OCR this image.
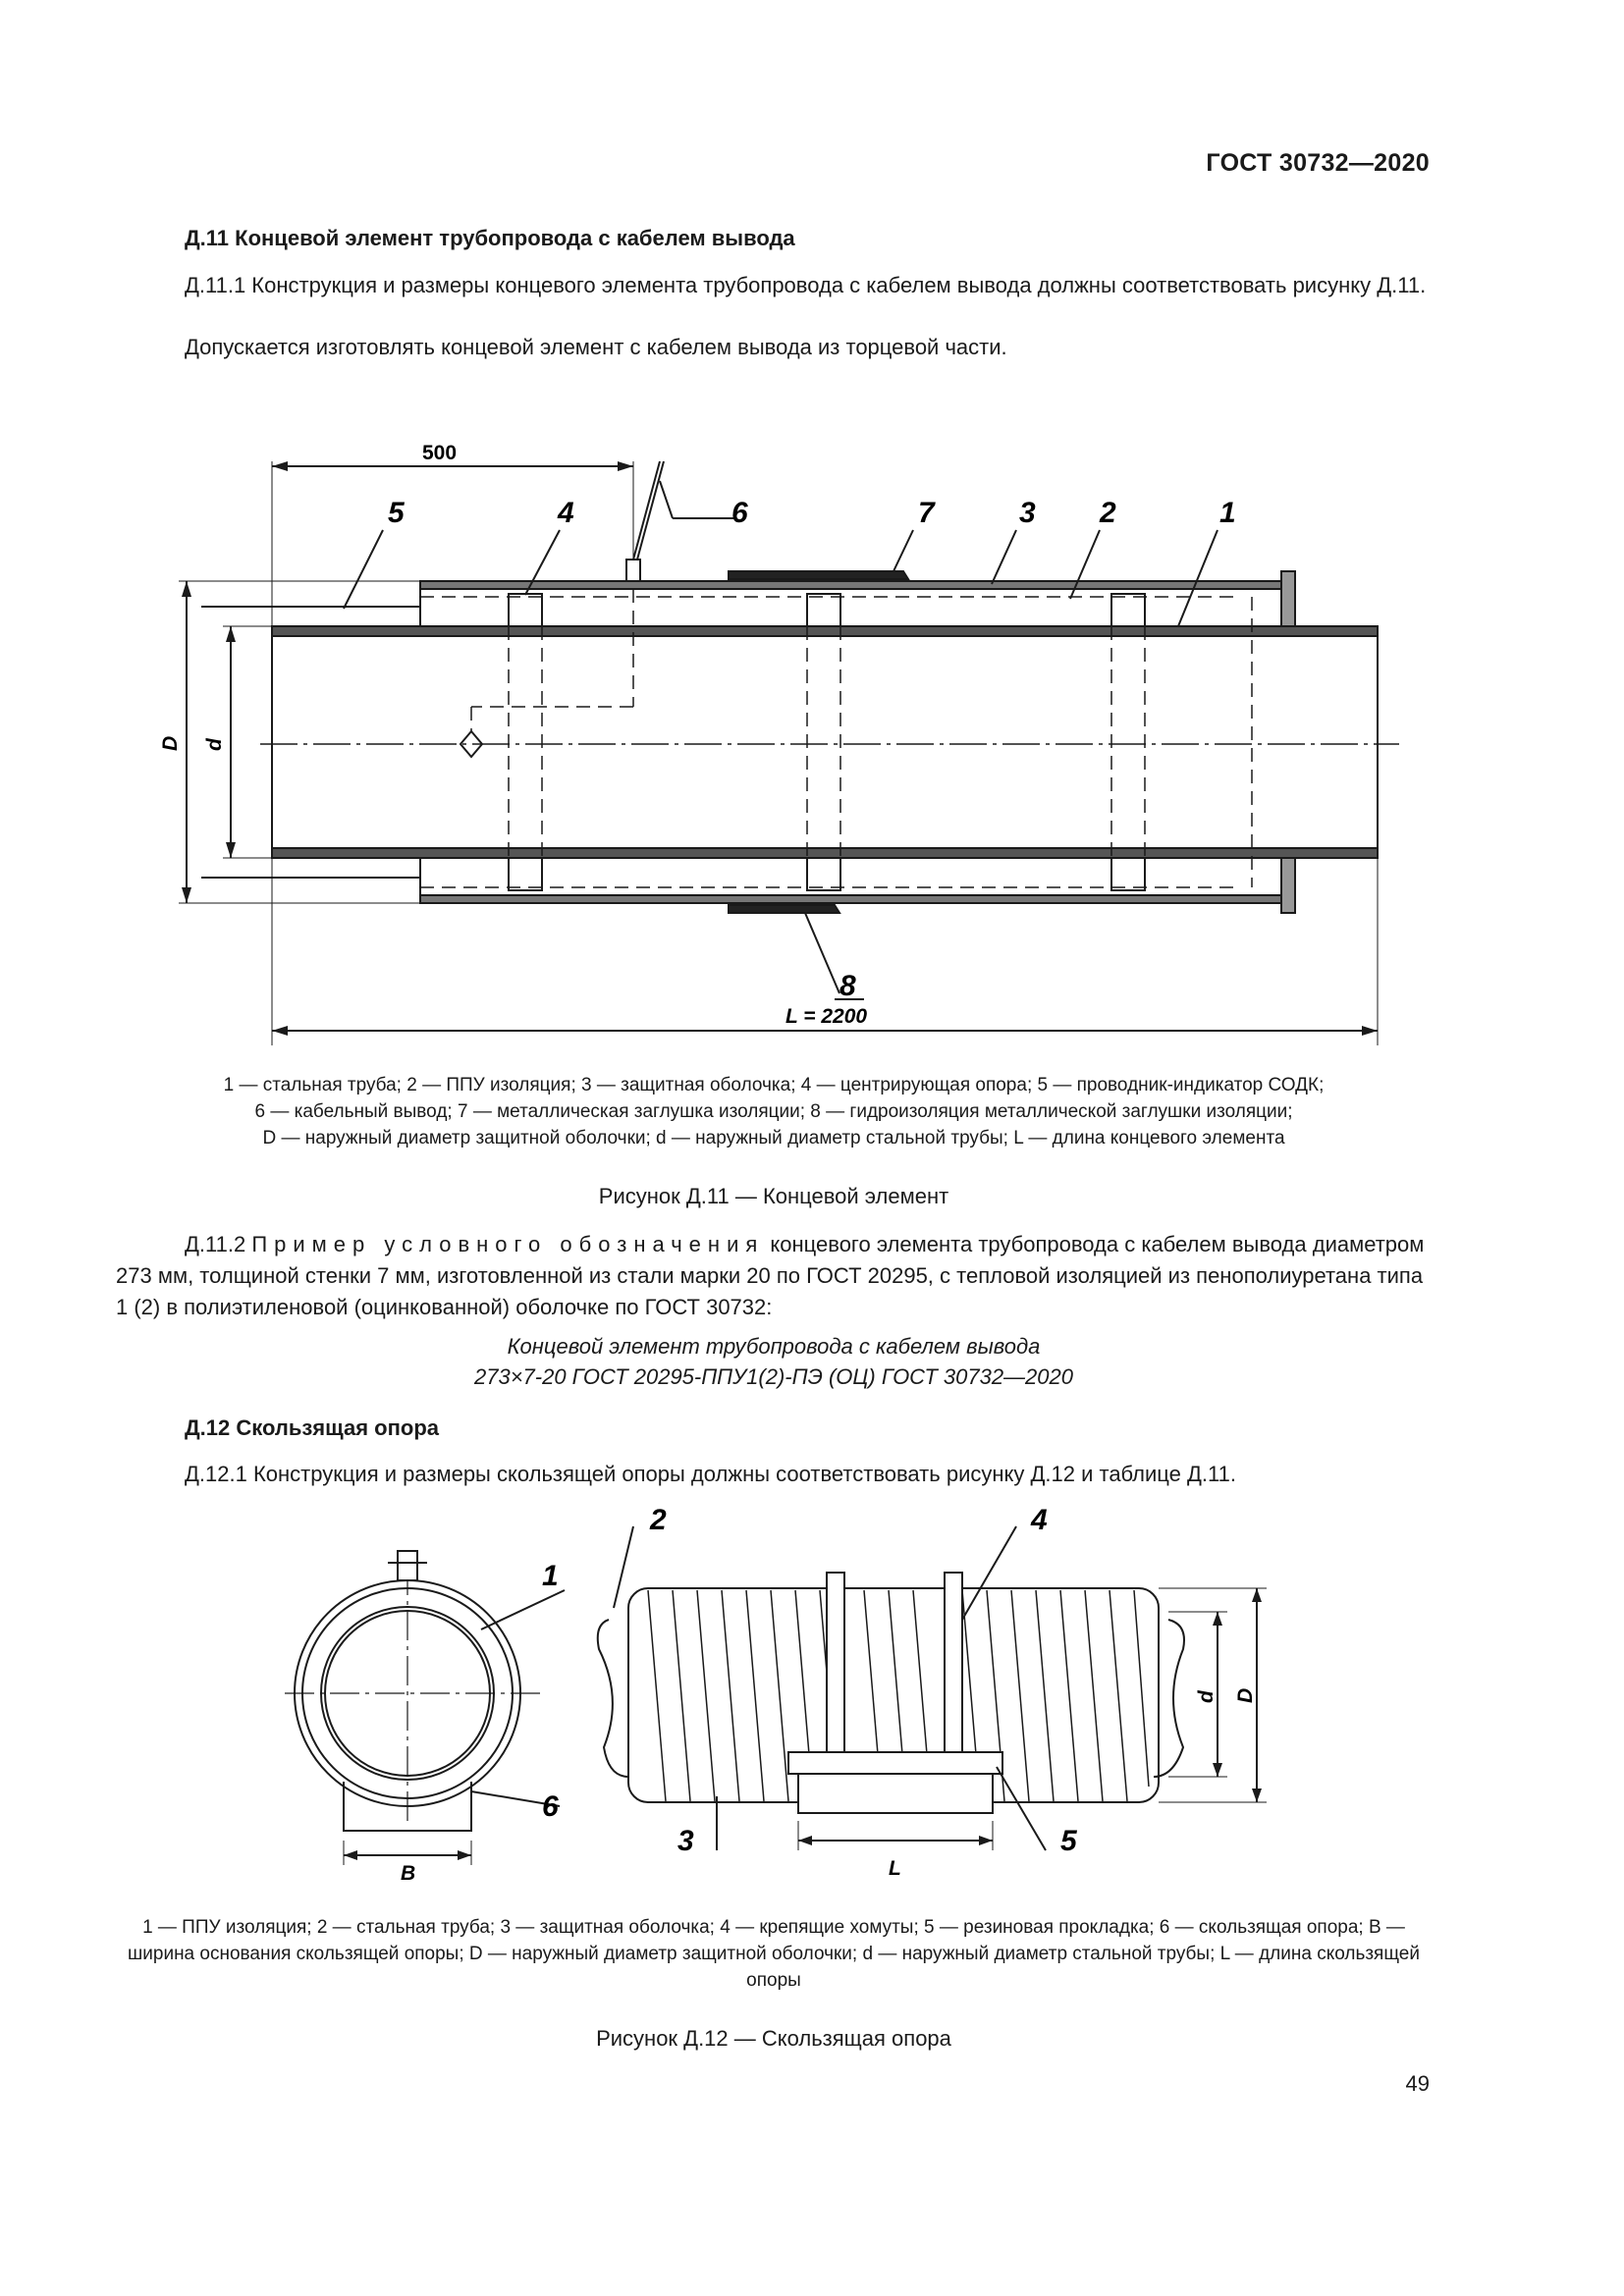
ГОСТ 30732—2020
Д.11 Концевой элемент трубопровода с кабелем вывода
Д.11.1 Конструкция и размеры концевого элемента трубопровода с кабелем вывода должны соответствовать рисунку Д.11.
Допускается изготовлять концевой элемент с кабелем вывода из торцевой части.
500
L = 2200
D d
5	4	6	7	3 2	1
8
1 — стальная труба; 2 — ППУ изоляция; 3 — защитная оболочка; 4 — центрирующая опора; 5 — проводник-индикатор СОДК;
6 — кабельный вывод; 7 — металлическая заглушка изоляции; 8 — гидроизоляция металлической заглушки изоляции;
D — наружный диаметр защитной оболочки; d — наружный диаметр стальной трубы; L — длина концевого элемента
Рисунок Д.11 — Концевой элемент
Д.11.2 Пример условного обозначения концевого элемента трубопровода с кабелем вывода диаметром 273 мм, толщиной стенки 7 мм, изготовленной из стали марки 20 по ГОСТ 20295, с тепловой изоляцией из пенополиуретана типа 1 (2) в полиэтиленовой (оцинкованной) оболочке по ГОСТ 30732:
Концевой элемент трубопровода с кабелем вывода
273×7-20 ГОСТ 20295-ППУ1(2)-ПЭ (ОЦ) ГОСТ 30732—2020
Д.12 Скользящая опора
Д.12.1 Конструкция и размеры скользящей опоры должны соответствовать рисунку Д.12 и таблице Д.11.
B	L
D
d
1
2	4
6
3	5
1 — ППУ изоляция; 2 — стальная труба; 3 — защитная оболочка; 4 — крепящие хомуты; 5 — резиновая прокладка; 6 — скользящая опора; B — ширина основания скользящей опоры; D — наружный диаметр защитной оболочки; d — наружный диаметр стальной трубы; L — длина скользящей опоры
Рисунок Д.12 — Скользящая опора
49
